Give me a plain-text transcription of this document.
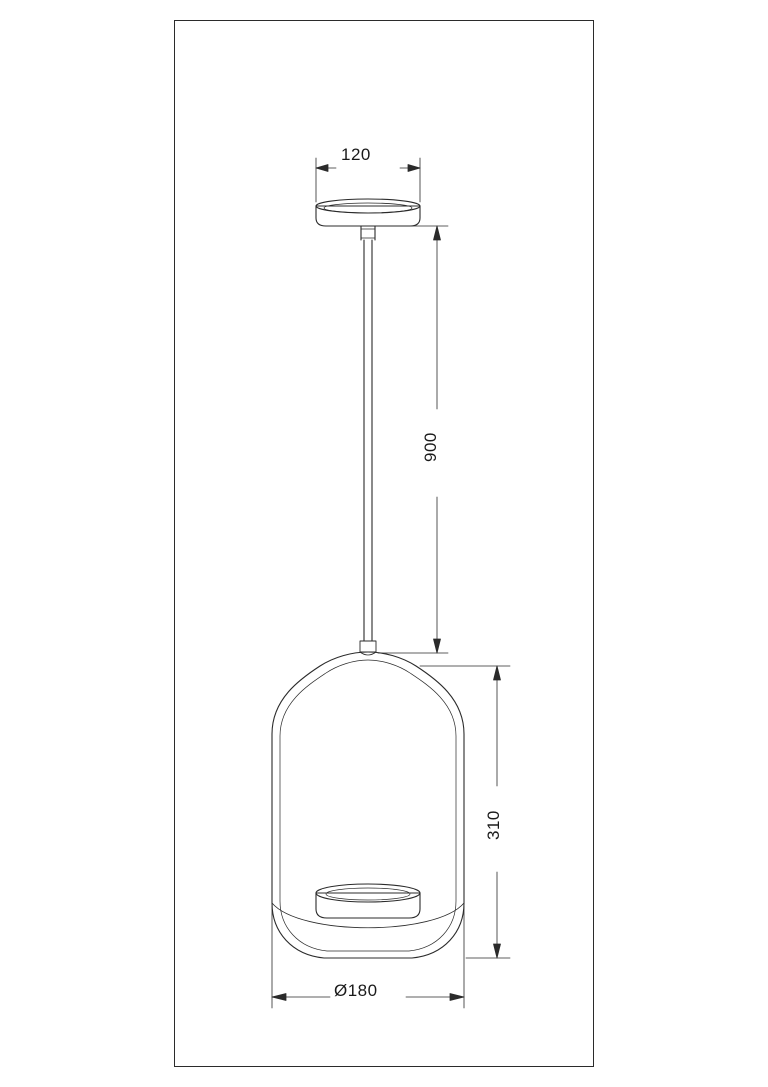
120
900
310
Ø180
